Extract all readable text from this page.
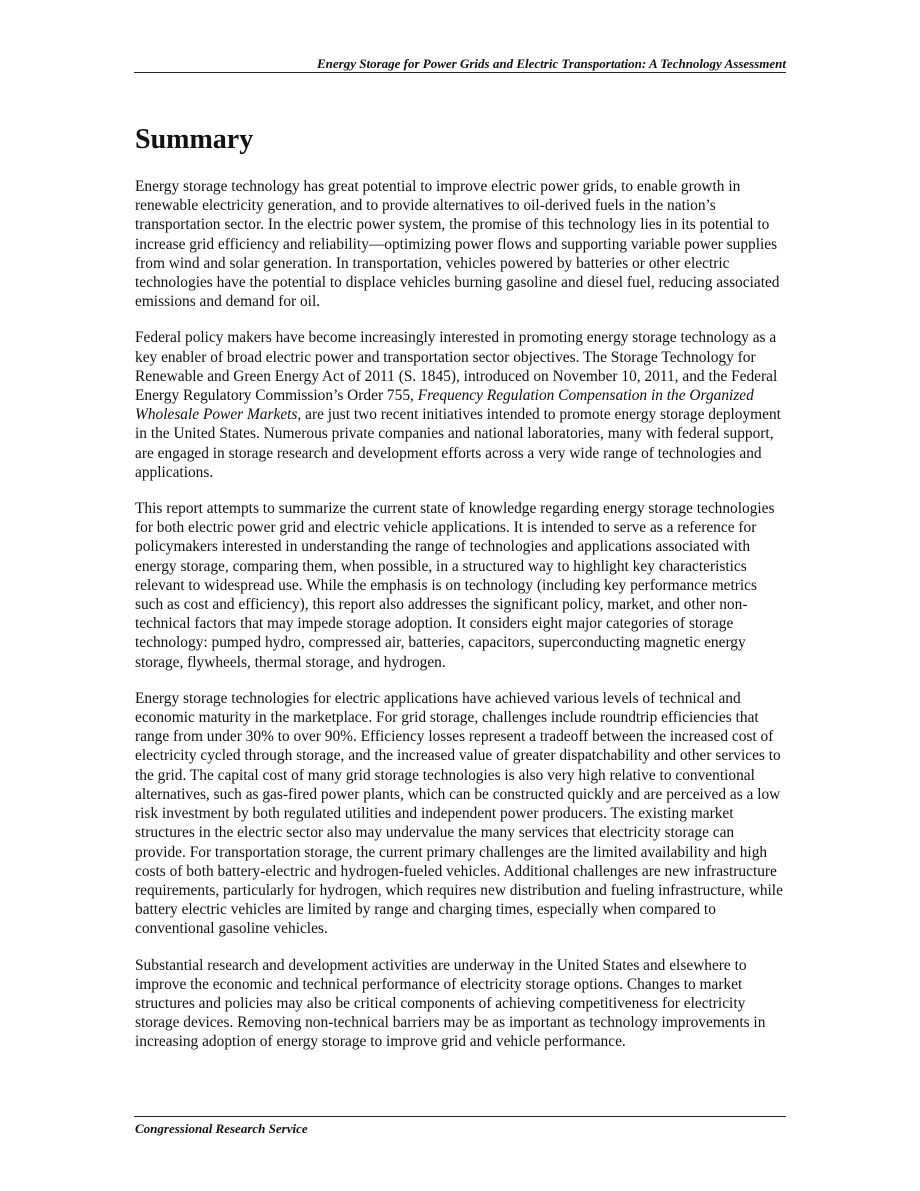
Energy Storage for Power Grids and Electric Transportation: A Technology Assessment
Summary

Energy storage technology has great potential to improve electric power grids, to enable growth in renewable electricity generation, and to provide alternatives to oil-derived fuels in the nation’s transportation sector. In the electric power system, the promise of this technology lies in its potential to increase grid efficiency and reliability—optimizing power flows and supporting variable power supplies from wind and solar generation. In transportation, vehicles powered by batteries or other electric technologies have the potential to displace vehicles burning gasoline and diesel fuel, reducing associated emissions and demand for oil.

Federal policy makers have become increasingly interested in promoting energy storage technology as a key enabler of broad electric power and transportation sector objectives. The Storage Technology for Renewable and Green Energy Act of 2011 (S. 1845), introduced on November 10, 2011, and the Federal Energy Regulatory Commission’s Order 755, Frequency Regulation Compensation in the Organized Wholesale Power Markets, are just two recent initiatives intended to promote energy storage deployment in the United States. Numerous private companies and national laboratories, many with federal support, are engaged in storage research and development efforts across a very wide range of technologies and applications.

This report attempts to summarize the current state of knowledge regarding energy storage technologies for both electric power grid and electric vehicle applications. It is intended to serve as a reference for policymakers interested in understanding the range of technologies and applications associated with energy storage, comparing them, when possible, in a structured way to highlight key characteristics relevant to widespread use. While the emphasis is on technology (including key performance metrics such as cost and efficiency), this report also addresses the significant policy, market, and other non-technical factors that may impede storage adoption. It considers eight major categories of storage technology: pumped hydro, compressed air, batteries, capacitors, superconducting magnetic energy storage, flywheels, thermal storage, and hydrogen.

Energy storage technologies for electric applications have achieved various levels of technical and economic maturity in the marketplace. For grid storage, challenges include roundtrip efficiencies that range from under 30% to over 90%. Efficiency losses represent a tradeoff between the increased cost of electricity cycled through storage, and the increased value of greater dispatchability and other services to the grid. The capital cost of many grid storage technologies is also very high relative to conventional alternatives, such as gas-fired power plants, which can be constructed quickly and are perceived as a low risk investment by both regulated utilities and independent power producers. The existing market structures in the electric sector also may undervalue the many services that electricity storage can provide. For transportation storage, the current primary challenges are the limited availability and high costs of both battery-electric and hydrogen-fueled vehicles. Additional challenges are new infrastructure requirements, particularly for hydrogen, which requires new distribution and fueling infrastructure, while battery electric vehicles are limited by range and charging times, especially when compared to conventional gasoline vehicles.

Substantial research and development activities are underway in the United States and elsewhere to improve the economic and technical performance of electricity storage options. Changes to market structures and policies may also be critical components of achieving competitiveness for electricity storage devices. Removing non-technical barriers may be as important as technology improvements in increasing adoption of energy storage to improve grid and vehicle performance.

Congressional Research Service
